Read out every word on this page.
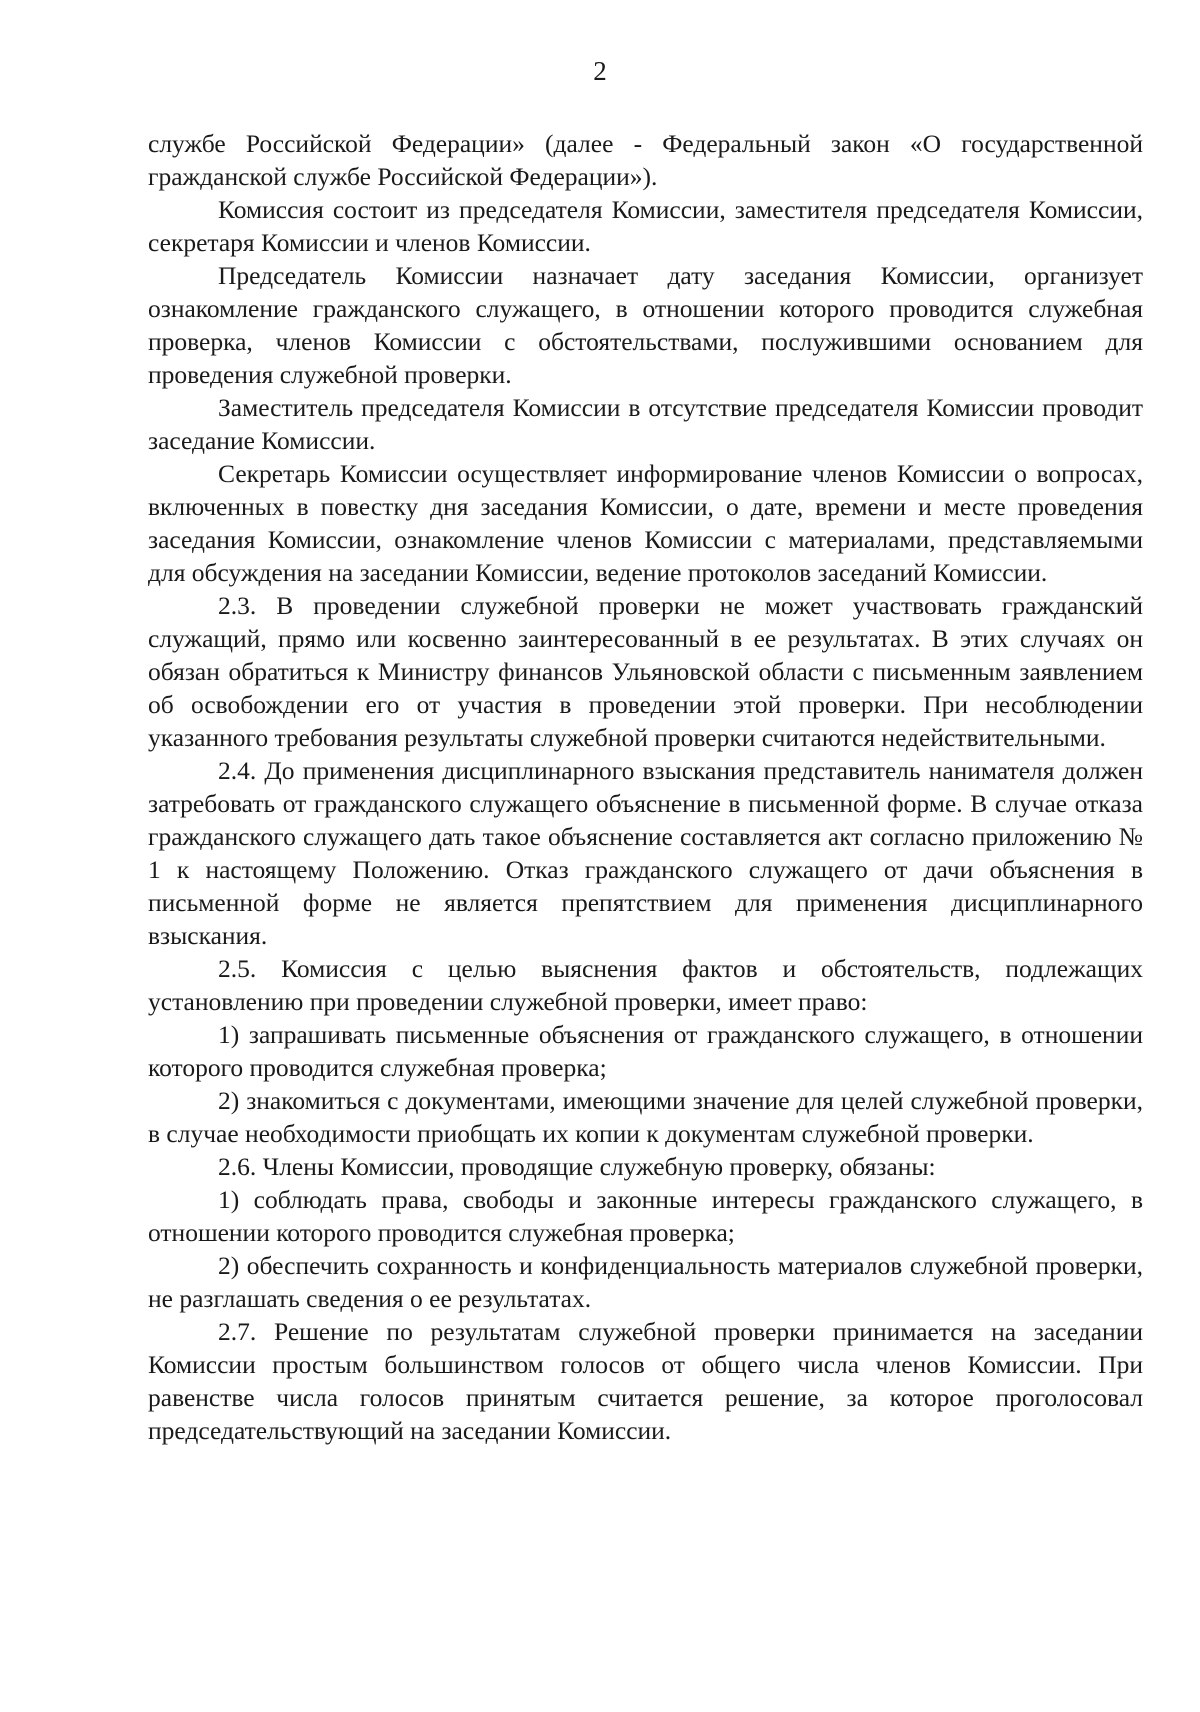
2

службе Российской Федерации» (далее - Федеральный закон «О государственной гражданской службе Российской Федерации»).

Комиссия состоит из председателя Комиссии, заместителя председателя Комиссии, секретаря Комиссии и членов Комиссии.

Председатель Комиссии назначает дату заседания Комиссии, организует ознакомление гражданского служащего, в отношении которого проводится служебная проверка, членов Комиссии с обстоятельствами, послужившими основанием для проведения служебной проверки.

Заместитель председателя Комиссии в отсутствие председателя Комиссии проводит заседание Комиссии.

Секретарь Комиссии осуществляет информирование членов Комиссии о вопросах, включенных в повестку дня заседания Комиссии, о дате, времени и месте проведения заседания Комиссии, ознакомление членов Комиссии с материалами, представляемыми для обсуждения на заседании Комиссии, ведение протоколов заседаний Комиссии.

2.3. В проведении служебной проверки не может участвовать гражданский служащий, прямо или косвенно заинтересованный в ее результатах. В этих случаях он обязан обратиться к Министру финансов Ульяновской области с письменным заявлением об освобождении его от участия в проведении этой проверки. При несоблюдении указанного требования результаты служебной проверки считаются недействительными.

2.4. До применения дисциплинарного взыскания представитель нанимателя должен затребовать от гражданского служащего объяснение в письменной форме. В случае отказа гражданского служащего дать такое объяснение составляется акт согласно приложению № 1 к настоящему Положению. Отказ гражданского служащего от дачи объяснения в письменной форме не является препятствием для применения дисциплинарного взыскания.

2.5. Комиссия с целью выяснения фактов и обстоятельств, подлежащих установлению при проведении служебной проверки, имеет право:

1) запрашивать письменные объяснения от гражданского служащего, в отношении которого проводится служебная проверка;

2) знакомиться с документами, имеющими значение для целей служебной проверки, в случае необходимости приобщать их копии к документам служебной проверки.

2.6. Члены Комиссии, проводящие служебную проверку, обязаны:

1) соблюдать права, свободы и законные интересы гражданского служащего, в отношении которого проводится служебная проверка;

2) обеспечить сохранность и конфиденциальность материалов служебной проверки, не разглашать сведения о ее результатах.

2.7. Решение по результатам служебной проверки принимается на заседании Комиссии простым большинством голосов от общего числа членов Комиссии. При равенстве числа голосов принятым считается решение, за которое проголосовал председательствующий на заседании Комиссии.
